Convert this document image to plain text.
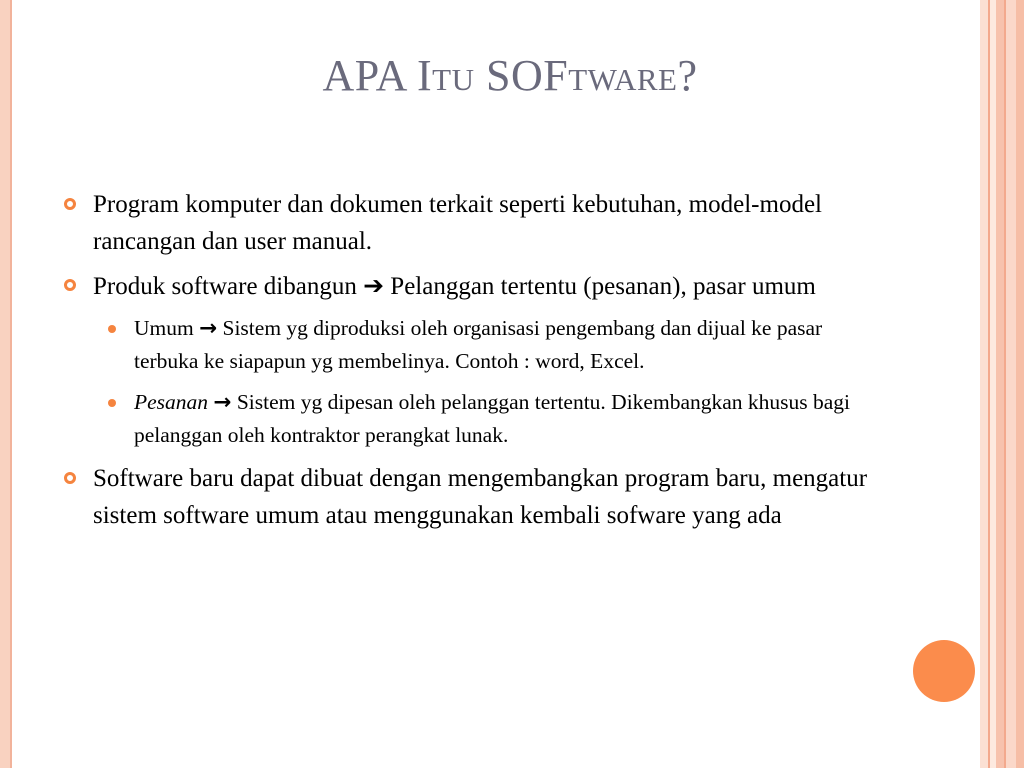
APA Itu SOFtware?
Program komputer dan dokumen terkait seperti kebutuhan, model-model rancangan dan user manual.
Produk software dibangun ➔ Pelanggan tertentu (pesanan), pasar umum
Umum → Sistem yg diproduksi oleh organisasi pengembang dan dijual ke pasar terbuka ke siapapun yg membelinya. Contoh : word, Excel.
Pesanan → Sistem yg dipesan oleh pelanggan tertentu. Dikembangkan khusus bagi pelanggan oleh kontraktor perangkat lunak.
Software baru dapat dibuat dengan mengembangkan program baru, mengatur sistem software umum atau menggunakan kembali sofware yang ada
